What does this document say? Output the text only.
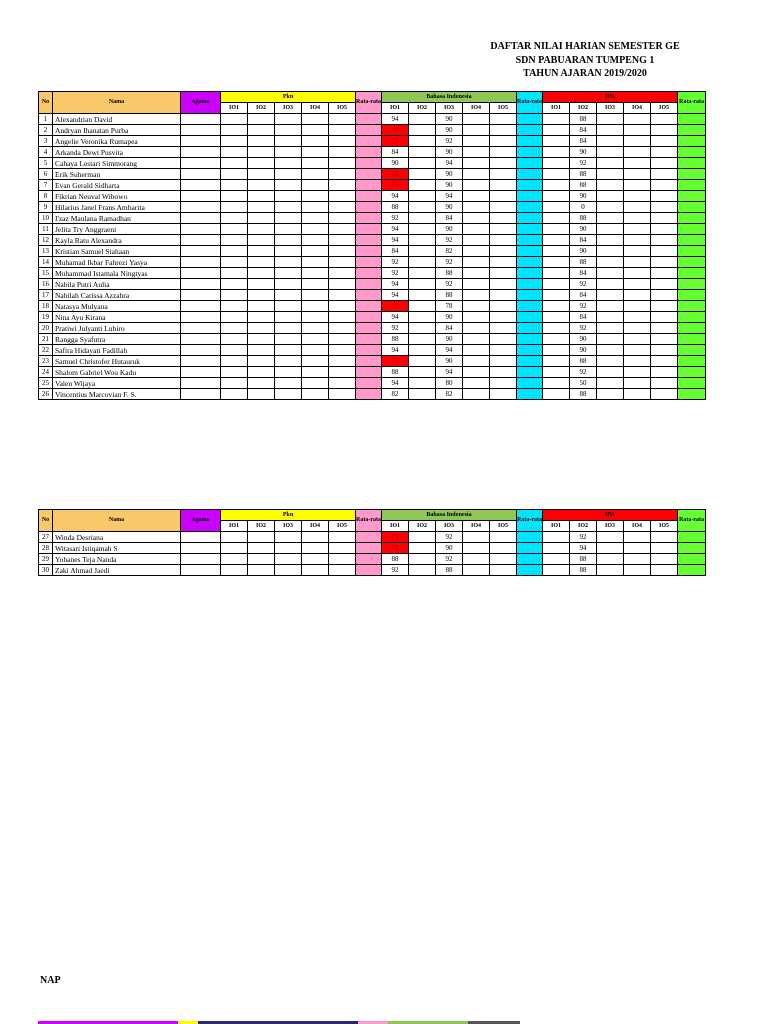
DAFTAR NILAI HARIAN SEMESTER GE
SDN PABUARAN TUMPENG 1
TAHUN AJARAN 2019/2020
No	Nama	Agama	Pkn					Rata-rata	Bahasa Indonesia					Rata-rata	IPA					Rata-rata
			IO1	IO2	IO3	IO4	IO5		IO1	IO2	IO3	IO4	IO5		IO1	IO2	IO3	IO4	IO5	
1	Alexandrian David								94		90					88				
2	Andryan Ihanatan Purba								75		90					84				
3	Angelie Veronika Rumapea								75		92					84				
4	Arkanda Dewi Pusvita								84		90					90				
5	Cahaya Lestari Simmorang								90		94					92				
6	Erik Suherman								75		90					88				
7	Evan Gerald Sidharta								75		90					88				
8	Fikrian Neuval Wibowo								94		94					90				
9	Hilarius Janel Frans Ambarita								88		90					0				
10	I'zaz Maulana Ramadhan								92		84					88				
11	Jelita Try Anggraeni								94		90					90				
12	Kayla Ratu Alexandra								94		92					84				
13	Kristian Samuel Siahaan								84		82					90				
14	Muhamad Ikbar Fahrezi Yasya								92		92					88				
15	Muhammad Istamala Ningtyas								92		88					84				
16	Nabila Putri Aulia								94		92					92				
17	Nabilah Carissa Azzahra								94		88					84				
18	Natasya Mulyana								75		78					92				
19	Nina Ayu Kirana								94		90					84				
20	Pratiwi Julyanti Lubiro								92		84					92				
21	Rangga Syafutra								88		90					90				
22	Safira Hidayati Fadillah								94		94					90				
23	Samuel Christofer Hutauruk								75		90					88				
24	Shalom Gabriel Wou Kadu								88		94					92				
25	Valen Wijaya								94		80					50				
26	Vincentius Marcovian F. S.								82		82					88				
No	Nama	Agama	Pkn					Rata-rata	Bahasa Indonesia					Rata-rata	IPA					Rata-rata
			IO1	IO2	IO3	IO4	IO5		IO1	IO2	IO3	IO4	IO5		IO1	IO2	IO3	IO4	IO5	
27	Winda Desriana								75		92					92				
28	Witasari Istiqamah S								75		90					94				
29	Yohanes Teja Nanda								88		92					88				
30	Zaki Ahmad Jaedi								92		88					88				
NAP
